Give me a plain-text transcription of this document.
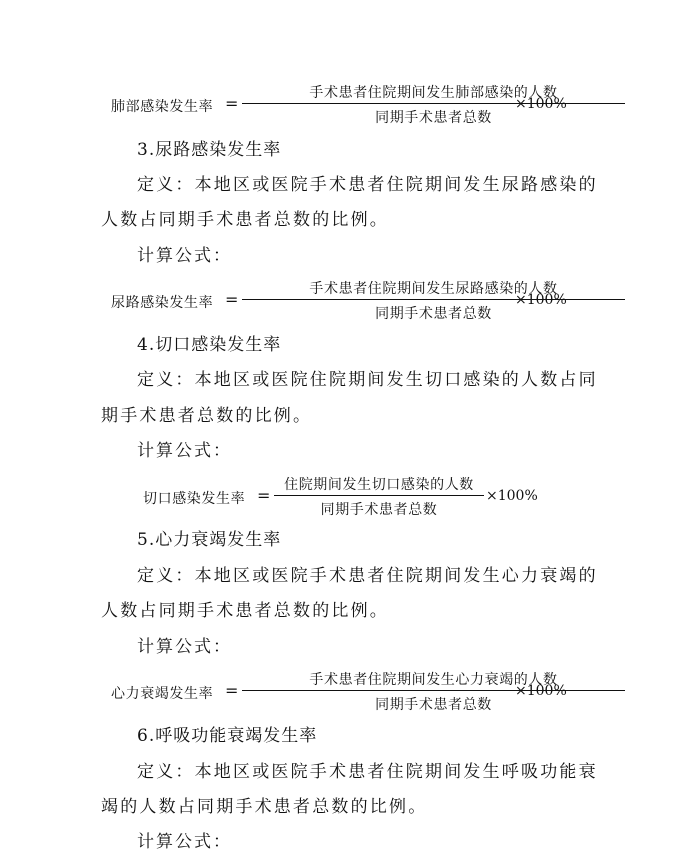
肺部感染发生率 =
手术患者住院期间发生肺部感染的人数
同期手术患者总数
×100%
3.尿路感染发生率
定义：本地区或医院手术患者住院期间发生尿路感染的
人数占同期手术患者总数的比例。
计算公式：
尿路感染发生率 =
手术患者住院期间发生尿路感染的人数
同期手术患者总数
×100%
4.切口感染发生率
定义：本地区或医院住院期间发生切口感染的人数占同
期手术患者总数的比例。
计算公式：
切口感染发生率 =
住院期间发生切口感染的人数
同期手术患者总数
×100%
5.心力衰竭发生率
定义：本地区或医院手术患者住院期间发生心力衰竭的
人数占同期手术患者总数的比例。
计算公式：
心力衰竭发生率 =
手术患者住院期间发生心力衰竭的人数
同期手术患者总数
×100%
6.呼吸功能衰竭发生率
定义：本地区或医院手术患者住院期间发生呼吸功能衰
竭的人数占同期手术患者总数的比例。
计算公式：
